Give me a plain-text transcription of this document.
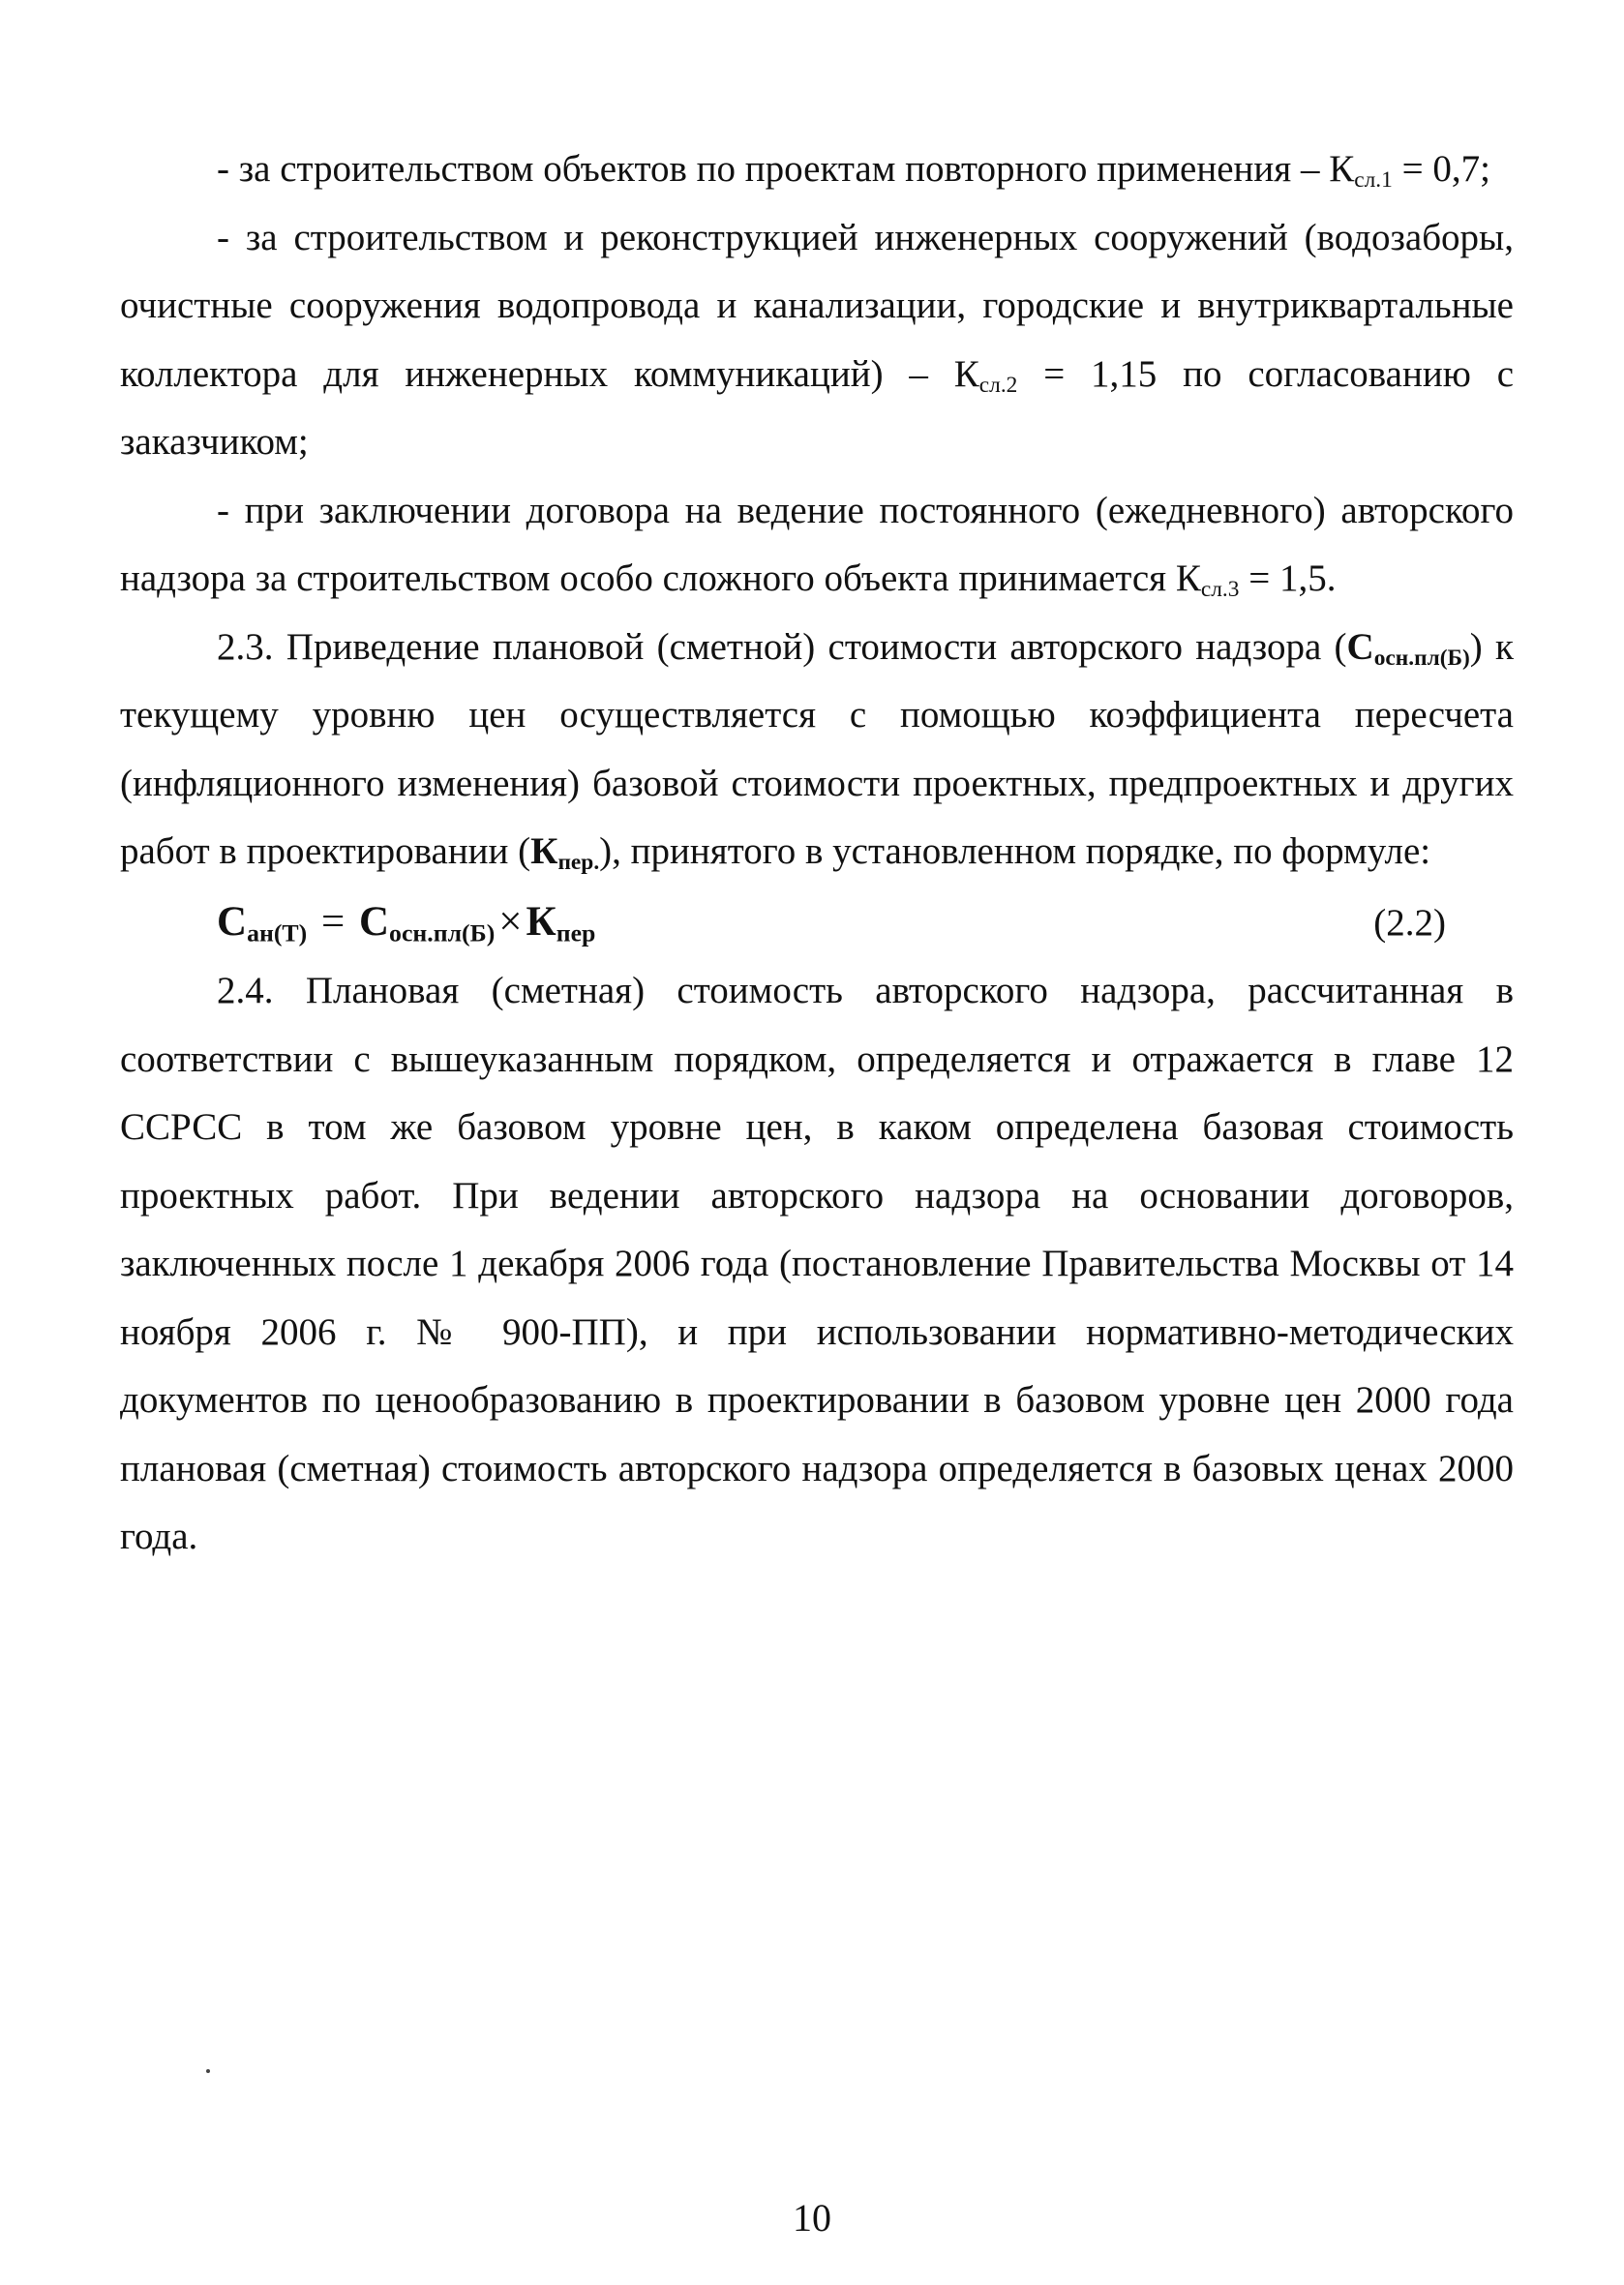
- за строительством объектов по проектам повторного применения – $К_{сл.1} = 0,7$;

- за строительством и реконструкцией инженерных сооружений (водозаборы, очистные сооружения водопровода и канализации, городские и внутриквартальные коллектора для инженерных коммуникаций) – $К_{сл.2} = 1,15$ по согласованию с заказчиком;

- при заключении договора на ведение постоянного (ежедневного) авторского надзора за строительством особо сложного объекта принимается $К_{сл.3} = 1,5$.

2.3. Приведение плановой (сметной) стоимости авторского надзора $(С_{осн.пл(Б)})$ к текущему уровню цен осуществляется с помощью коэффициента пересчета (инфляционного изменения) базовой стоимости проектных, предпроектных и других работ в проектировании $(К_{пер.})$, принятого в установленном порядке, по формуле:

$С_{ан(Т)} = С_{осн.пл(Б)}\times К_{пер}$	(2.2)

2.4. Плановая (сметная) стоимость авторского надзора, рассчитанная в соответствии с вышеуказанным порядком, определяется и отражается в главе 12 ССРСС в том же базовом уровне цен, в каком определена базовая стоимость проектных работ. При ведении авторского надзора на основании договоров, заключенных после 1 декабря 2006 года (постановление Правительства Москвы от 14 ноября 2006 г. № 900-ПП), и при использовании нормативно-методических документов по ценообразованию в проектировании в базовом уровне цен 2000 года плановая (сметная) стоимость авторского надзора определяется в базовых ценах 2000 года.

10
